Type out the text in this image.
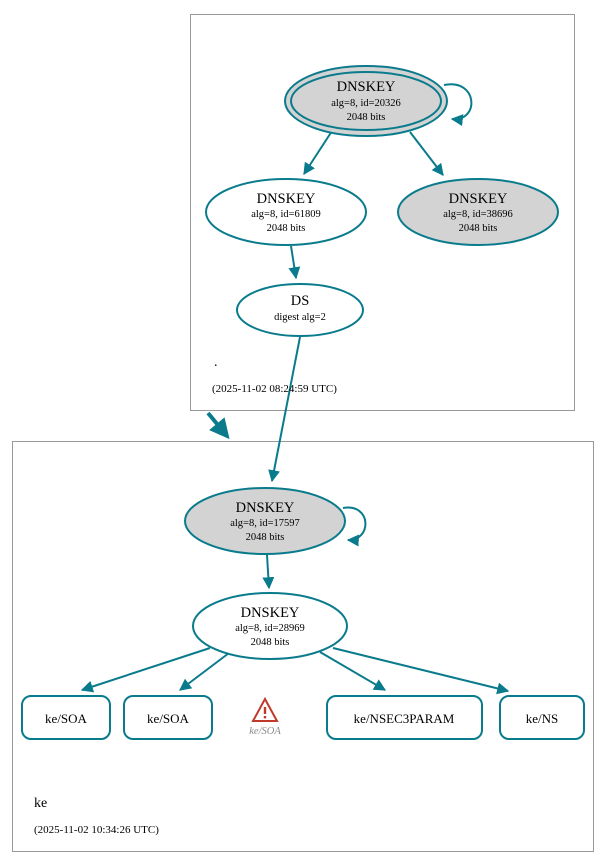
DNSKEY
alg=8, id=20326
2048 bits
DNSKEY
alg=8, id=61809
2048 bits
DNSKEY
alg=8, id=38696
2048 bits
DS
digest alg=2
.
(2025-11-02 08:24:59 UTC)
DNSKEY
alg=8, id=17597
2048 bits
DNSKEY
alg=8, id=28969
2048 bits
ke/SOA	ke/SOA	ke/NSEC3PARAM	ke/NS
ke/SOA
ke
(2025-11-02 10:34:26 UTC)
